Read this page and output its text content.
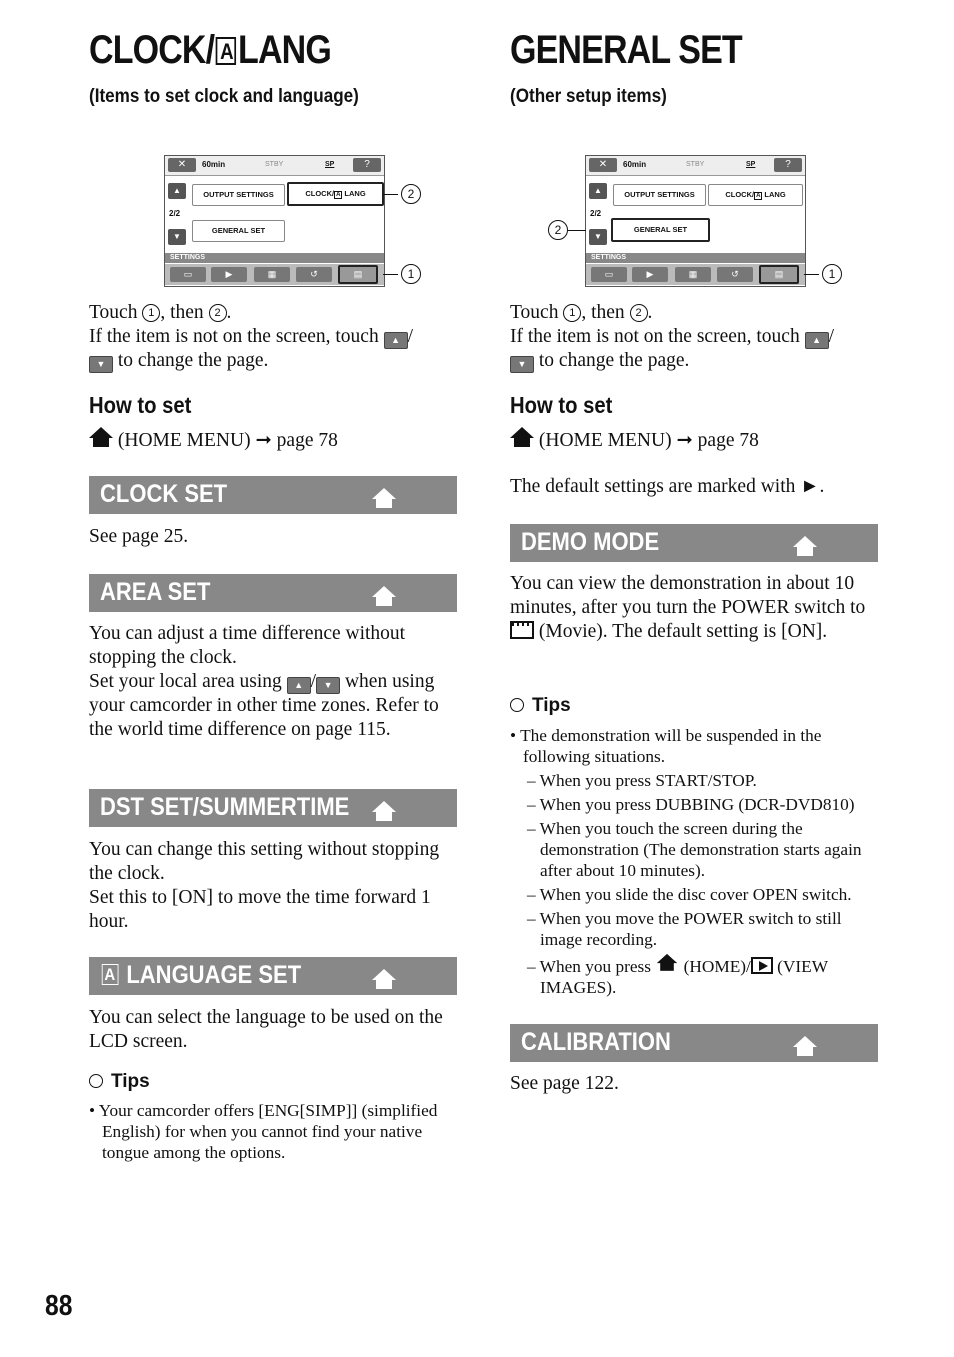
CLOCK/ A LANG
(Items to set clock and language)
✕	60min	STBY	SP	?
▲
2/2
▼
OUTPUT SETTINGS	CLOCK/ A LANG
GENERAL SET
SETTINGS
▭	▶	▦	↺	▤
2
1
Touch 1 , then 2 .
If the item is not on the screen, touch ▲ /
▼ to change the page.
How to set
(HOME MENU) ➞ page 78
CLOCK SET
See page 25.
AREA SET
You can adjust a time difference without stopping the clock.
Set your local area using ▲ / ▼ when using your camcorder in other time zones. Refer to the world time difference on page 115.
DST SET/SUMMERTIME
You can change this setting without stopping the clock.
Set this to [ON] to move the time forward 1 hour.
A LANGUAGE SET
You can select the language to be used on the LCD screen.
Tips
• Your camcorder offers [ENG[SIMP]] (simplified English) for when you cannot find your native tongue among the options.
GENERAL SET
(Other setup items)
✕	60min	STBY	SP	?
▲
2/2
▼
OUTPUT SETTINGS	CLOCK/ A LANG
GENERAL SET
SETTINGS
▭	▶	▦	↺	▤
2
1
Touch 1 , then 2 .
If the item is not on the screen, touch ▲ /
▼ to change the page.
How to set
(HOME MENU) ➞ page 78
The default settings are marked with ►.
DEMO MODE
You can view the demonstration in about 10 minutes, after you turn the POWER switch to  (Movie). The default setting is [ON].
Tips
• The demonstration will be suspended in the following situations.
– When you press START/STOP.
– When you press DUBBING (DCR-DVD810)
– When you touch the screen during the demonstration (The demonstration starts again after about 10 minutes).
– When you slide the disc cover OPEN switch.
– When you move the POWER switch to still image recording.
– When you press  (HOME)/ (VIEW IMAGES).
CALIBRATION
See page 122.
88
